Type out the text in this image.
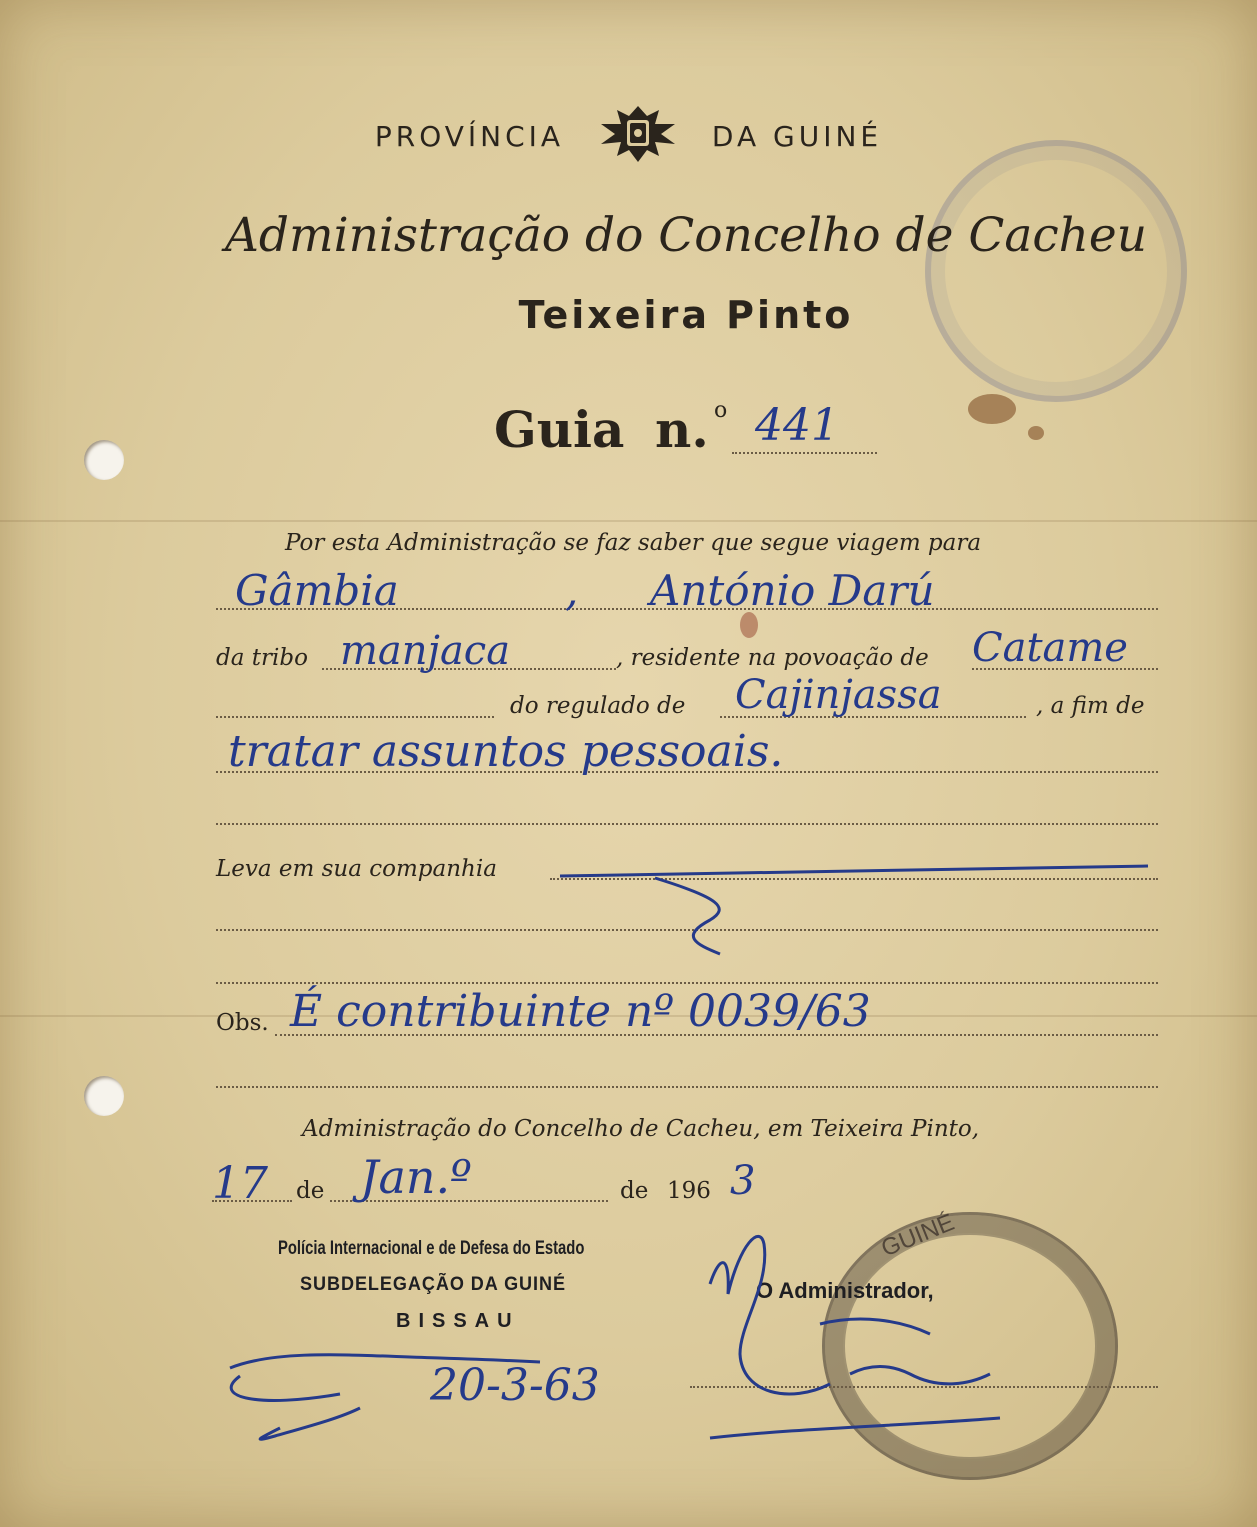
PROVÍNCIA	DA GUINÉ
Administração do Concelho de Cacheu
Teixeira Pinto
Guia n. o 441
Por esta Administração se faz saber que segue viagem para
Gâmbia	, António Darú
da tribo manjaca	, residente na povoação de Catame
do regulado de Cajinjassa	, a fim de
tratar assuntos pessoais.
Leva em sua companhia
Obs. É contribuinte nº 0039/63
Administração do Concelho de Cacheu, em Teixeira Pinto,
17 de Jan.º	de 196 3
Polícia Internacional e de Defesa do Estado
SUBDELEGAÇÃO DA GUINÉ
BISSAU
20-3-63
GUINÉ
O Administrador,
